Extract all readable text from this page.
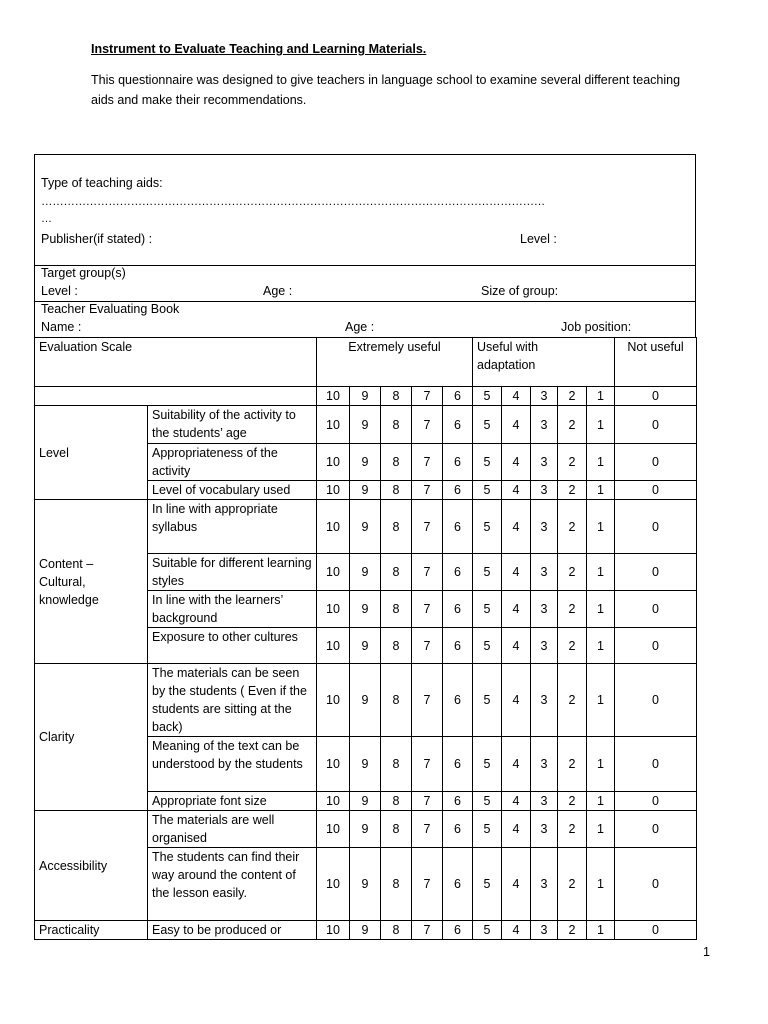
Instrument to Evaluate Teaching and Learning Materials.
This questionnaire was designed to give teachers in language school to examine several different teaching aids and make their recommendations.
Type of teaching aids:
………………………………………………………………………………………………………………………
…
Publisher(if stated) :	Level :
Target group(s)
Level :	Age :	Size of group:
Teacher Evaluating Book
Name :	Age :	Job position:
Evaluation Scale		Extremely useful					Useful with adaptation					Not useful
		10	9	8	7	6	5	4	3	2	1	0
Level	Suitability of the activity to the students’ age	10	9	8	7	6	5	4	3	2	1	0
	Appropriateness of the activity	10	9	8	7	6	5	4	3	2	1	0
	Level of vocabulary used	10	9	8	7	6	5	4	3	2	1	0
Content – Cultural, knowledge	In line with appropriate syllabus	10	9	8	7	6	5	4	3	2	1	0
	Suitable for different learning styles	10	9	8	7	6	5	4	3	2	1	0
	In line with the learners’ background	10	9	8	7	6	5	4	3	2	1	0
	Exposure to other cultures	10	9	8	7	6	5	4	3	2	1	0
Clarity	The materials can be seen by the students ( Even if the students are sitting at the back)	10	9	8	7	6	5	4	3	2	1	0
	Meaning of the text can be understood by the students	10	9	8	7	6	5	4	3	2	1	0
	Appropriate font size	10	9	8	7	6	5	4	3	2	1	0
Accessibility	The materials are well organised	10	9	8	7	6	5	4	3	2	1	0
	The students can find their way around the content of the lesson easily.	10	9	8	7	6	5	4	3	2	1	0
Practicality	Easy to be produced or	10	9	8	7	6	5	4	3	2	1	0
1
